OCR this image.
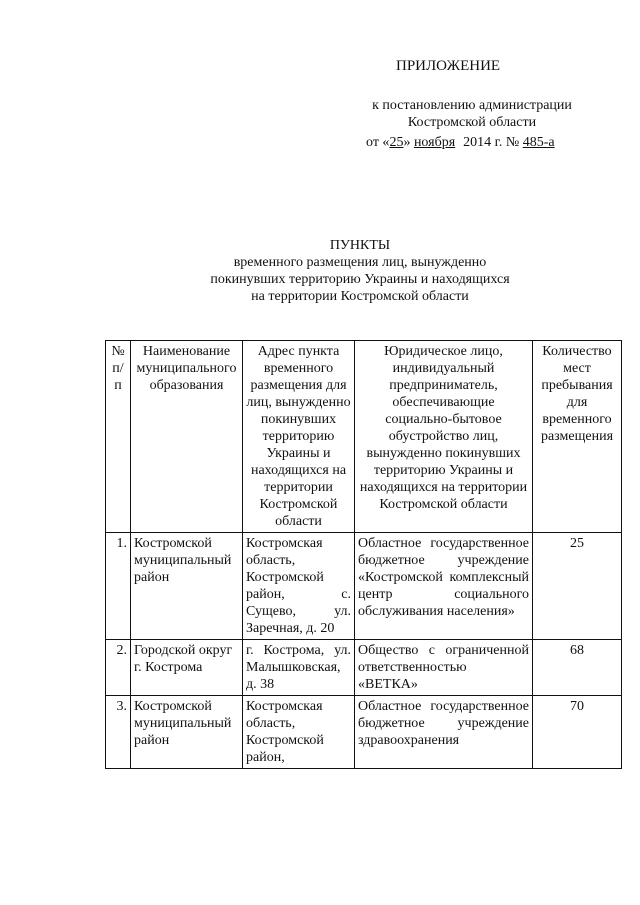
ПРИЛОЖЕНИЕ
к постановлению администрации Костромской области
от «25» ноября 2014 г. № 485-а
ПУНКТЫ
временного размещения лиц, вынужденно
покинувших территорию Украины и находящихся
на территории Костромской области
№ п/п	Наименование муниципального образования	Адрес пункта временного размещения для лиц, вынужденно покинувших территорию Украины и находящихся на территории Костромской области	Юридическое лицо, индивидуальный предприниматель, обеспечивающие социально-бытовое обустройство лиц, вынужденно покинувших территорию Украины и находящихся на территории Костромской области	Количество мест пребывания для временного размещения
1.	Костромской муниципальный район	Костромская область, Костромской район, с. Сущево, ул. Заречная, д. 20	Областное государственное бюджетное учреждение «Костромской комплексный центр социального обслуживания населения»	25
2.	Городской округ г. Кострома	г. Кострома, ул. Малышковская, д. 38	Общество с ограниченной ответственностью «ВЕТКА»	68
3.	Костромской муниципальный район	Костромская область, Костромской район,	Областное государственное бюджетное учреждение здравоохранения	70
